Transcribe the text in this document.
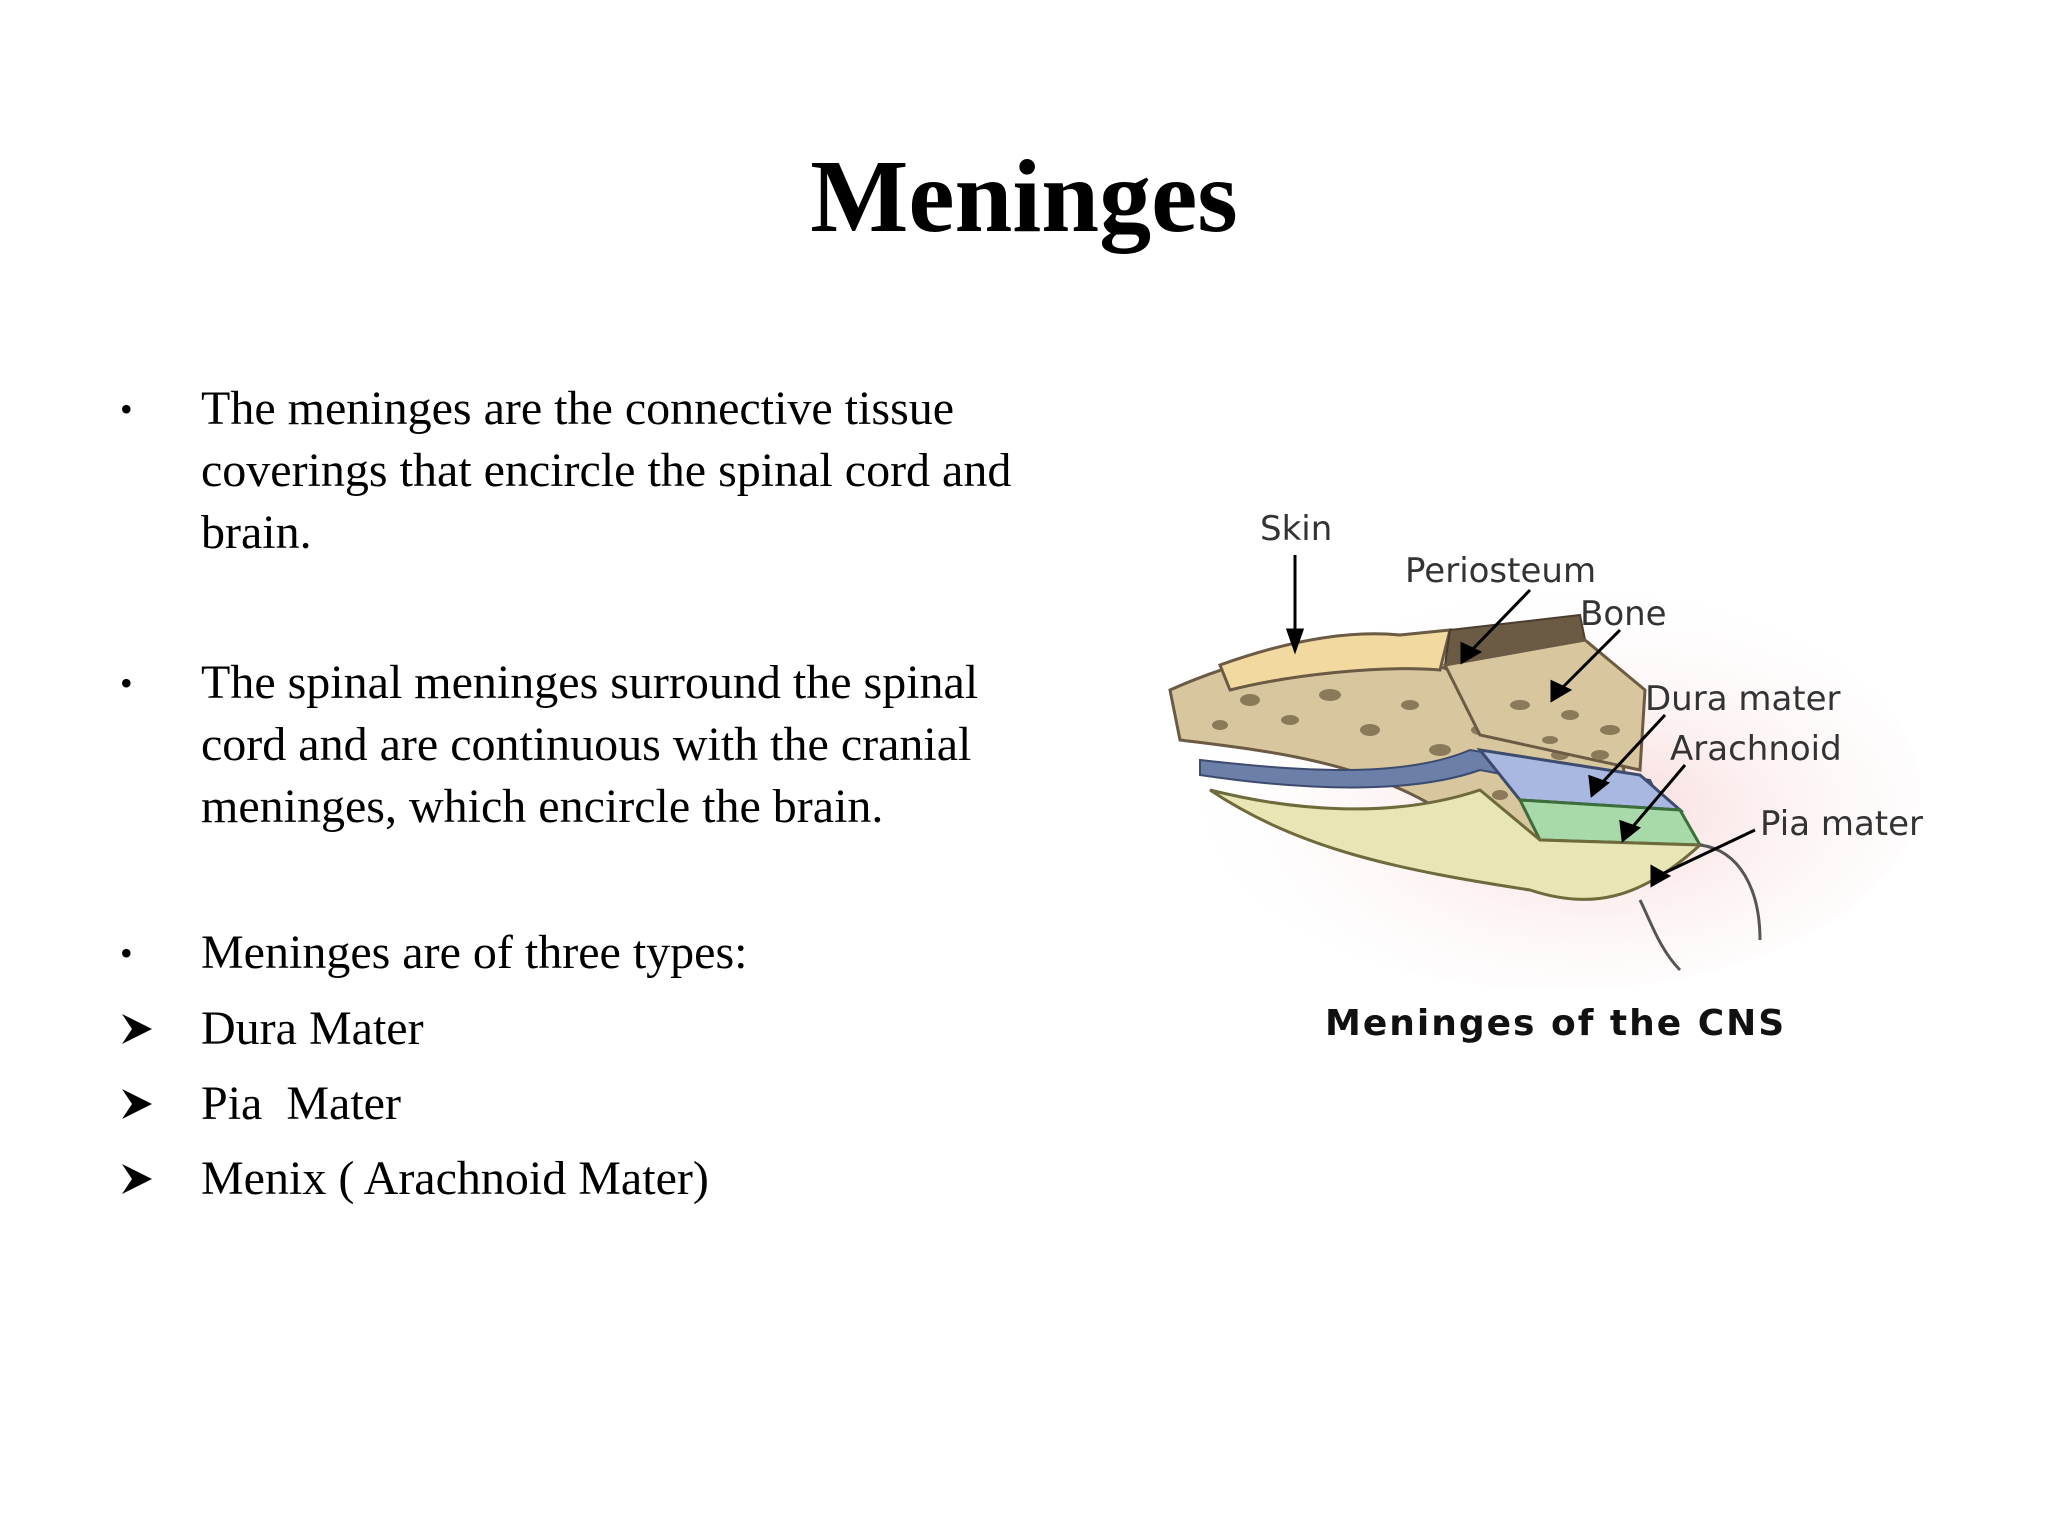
Meninges
•	The meninges are the connective tissue coverings that encircle the spinal cord and brain.
•	The spinal meninges surround the spinal cord and are continuous with the cranial meninges, which encircle the brain.
•	Meninges are of three types:
Dura Mater
Pia  Mater
Menix ( Arachnoid Mater)
Skin
Periosteum
Bone
Dura mater
Arachnoid
Pia mater
Meninges of the CNS
